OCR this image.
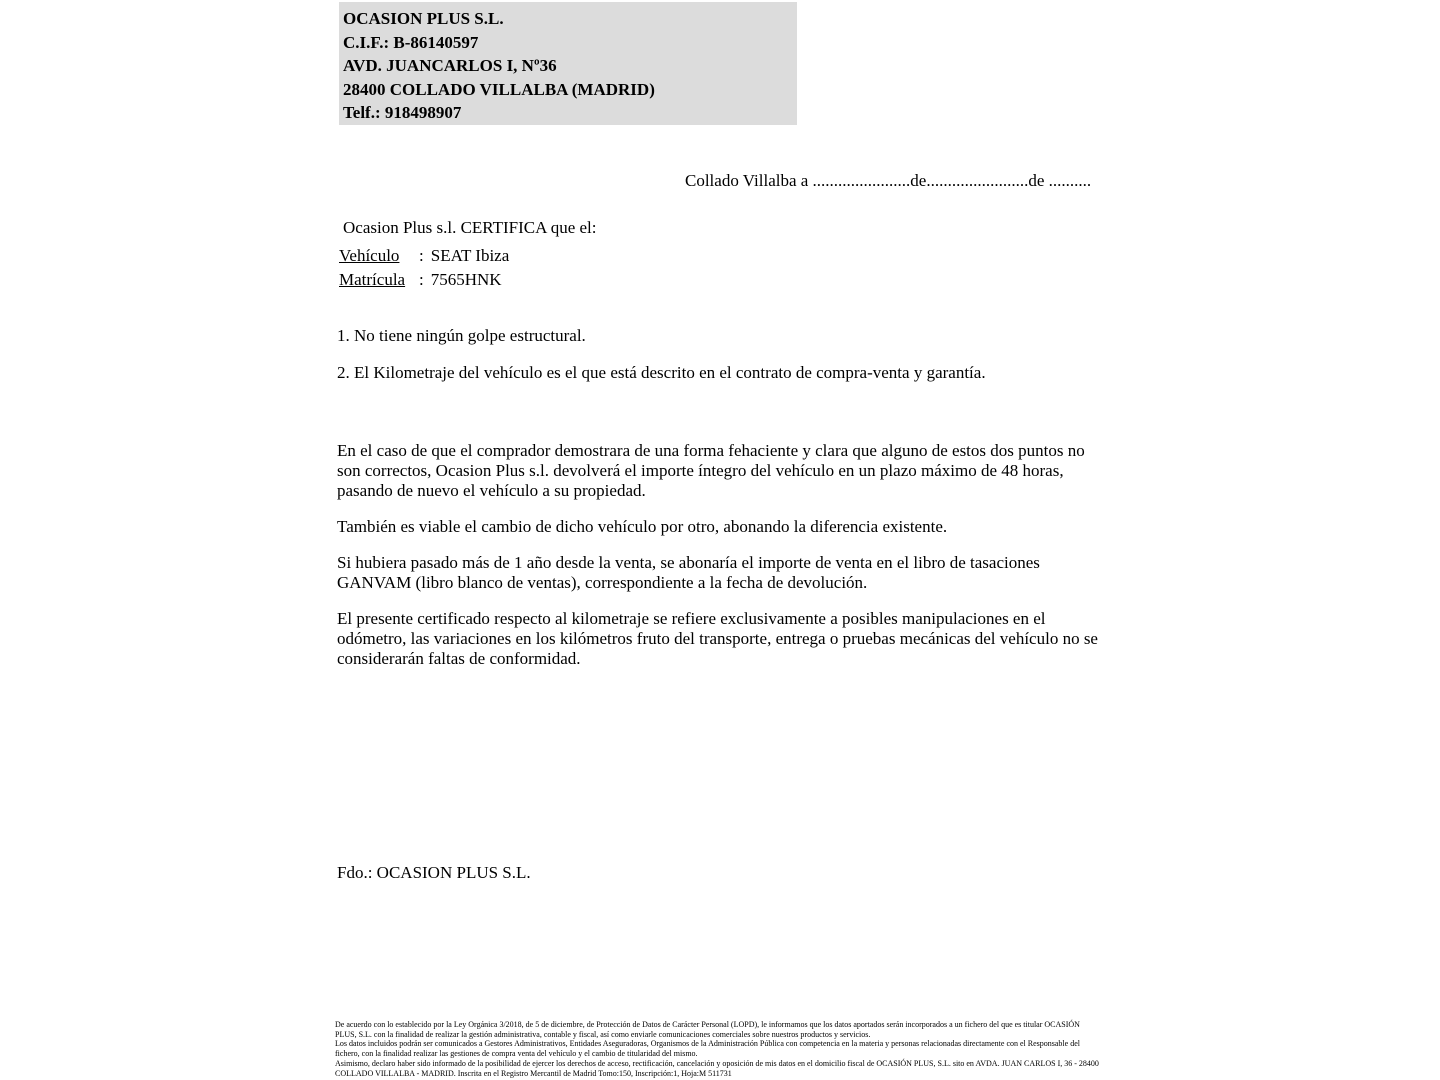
OCASION PLUS S.L.

C.I.F.: B-86140597

AVD. JUANCARLOS I, Nº36

28400 COLLADO VILLALBA (MADRID)

Telf.: 918498907

Collado Villalba a .......................de........................de ..........

Ocasion Plus s.l. CERTIFICA que el:

Vehículo : SEAT Ibiza
Matrícula : 7565HNK

1. No tiene ningún golpe estructural.

2. El Kilometraje del vehículo es el que está descrito en el contrato de compra-venta y garantía.

En el caso de que el comprador demostrara de una forma fehaciente y clara que alguno de estos dos puntos no son correctos, Ocasion Plus s.l. devolverá el importe íntegro del vehículo en un plazo máximo de 48 horas, pasando de nuevo el vehículo a su propiedad.

También es viable el cambio de dicho vehículo por otro, abonando la diferencia existente.

Si hubiera pasado más de 1 año desde la venta, se abonaría el importe de venta en el libro de tasaciones GANVAM (libro blanco de ventas), correspondiente a la fecha de devolución.

El presente certificado respecto al kilometraje se refiere exclusivamente a posibles manipulaciones en el odómetro, las variaciones en los kilómetros fruto del transporte, entrega o pruebas mecánicas del vehículo no se considerarán faltas de conformidad.

Fdo.: OCASION PLUS S.L.

De acuerdo con lo establecido por la Ley Orgánica 3/2018, de 5 de diciembre, de Protección de Datos de Carácter Personal (LOPD), le informamos que los datos aportados serán incorporados a un fichero del que es titular OCASIÓN PLUS, S.L. con la finalidad de realizar la gestión administrativa, contable y fiscal, así como enviarle comunicaciones comerciales sobre nuestros productos y servicios.

Los datos incluidos podrán ser comunicados a Gestores Administrativos, Entidades Aseguradoras, Organismos de la Administración Pública con competencia en la materia y personas relacionadas directamente con el Responsable del fichero, con la finalidad realizar las gestiones de compra venta del vehículo y el cambio de titularidad del mismo.

Asimismo, declaro haber sido informado de la posibilidad de ejercer los derechos de acceso, rectificación, cancelación y oposición de mis datos en el domicilio fiscal de OCASIÓN PLUS, S.L. sito en AVDA. JUAN CARLOS I, 36 - 28400 COLLADO VILLALBA - MADRID. Inscrita en el Registro Mercantil de Madrid Tomo:150, Inscripción:1, Hoja:M 511731
